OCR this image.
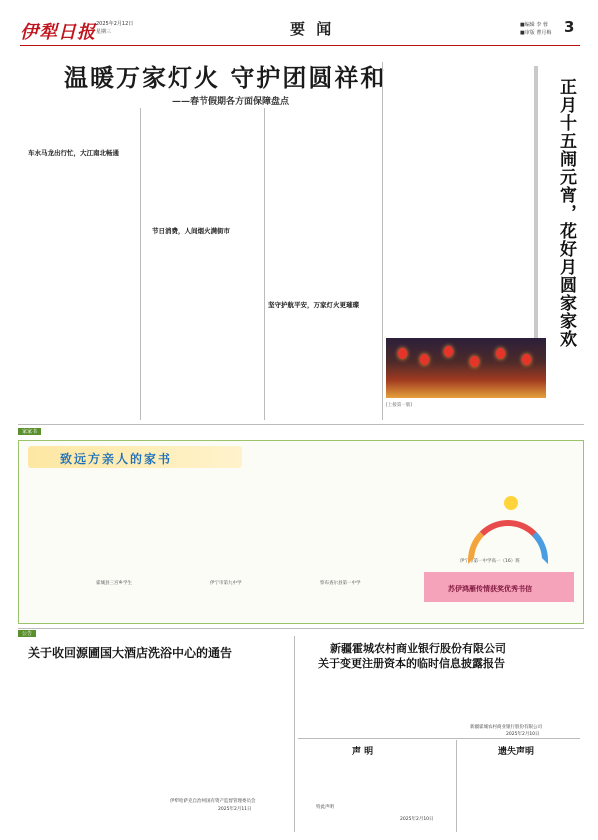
伊犁日报 2025年2月12日
星期三	要 闻	■编辑 李 蓉
■审版 曹月梅 3
温暖万家灯火 守护团圆祥和
——春节假期各方面保障盘点
车水马龙出行忙，大江南北畅通
节日消费，人间烟火满街市
坚守护航平安，万家灯火更璀璨	正月十五闹元宵，花好月圆家家欢
[上接第一版]
家家书
致远方亲人的家书
霍城县三宫乡学生	伊宁市第九中学	察布查尔县第一中学
伊宁市第一中学高一（16）班
苏伊鸿雁传情获奖优秀书信
公告
关于收回源圃国大酒店洗浴中心的通告
伊犁哈萨克自治州国有资产监督管理委员会
2025年2月11日
新疆霍城农村商业银行股份有限公司
关于变更注册资本的临时信息披露报告
新疆霍城农村商业银行股份有限公司
2025年2月10日
声 明
特此声明
2025年2月10日
遗失声明
